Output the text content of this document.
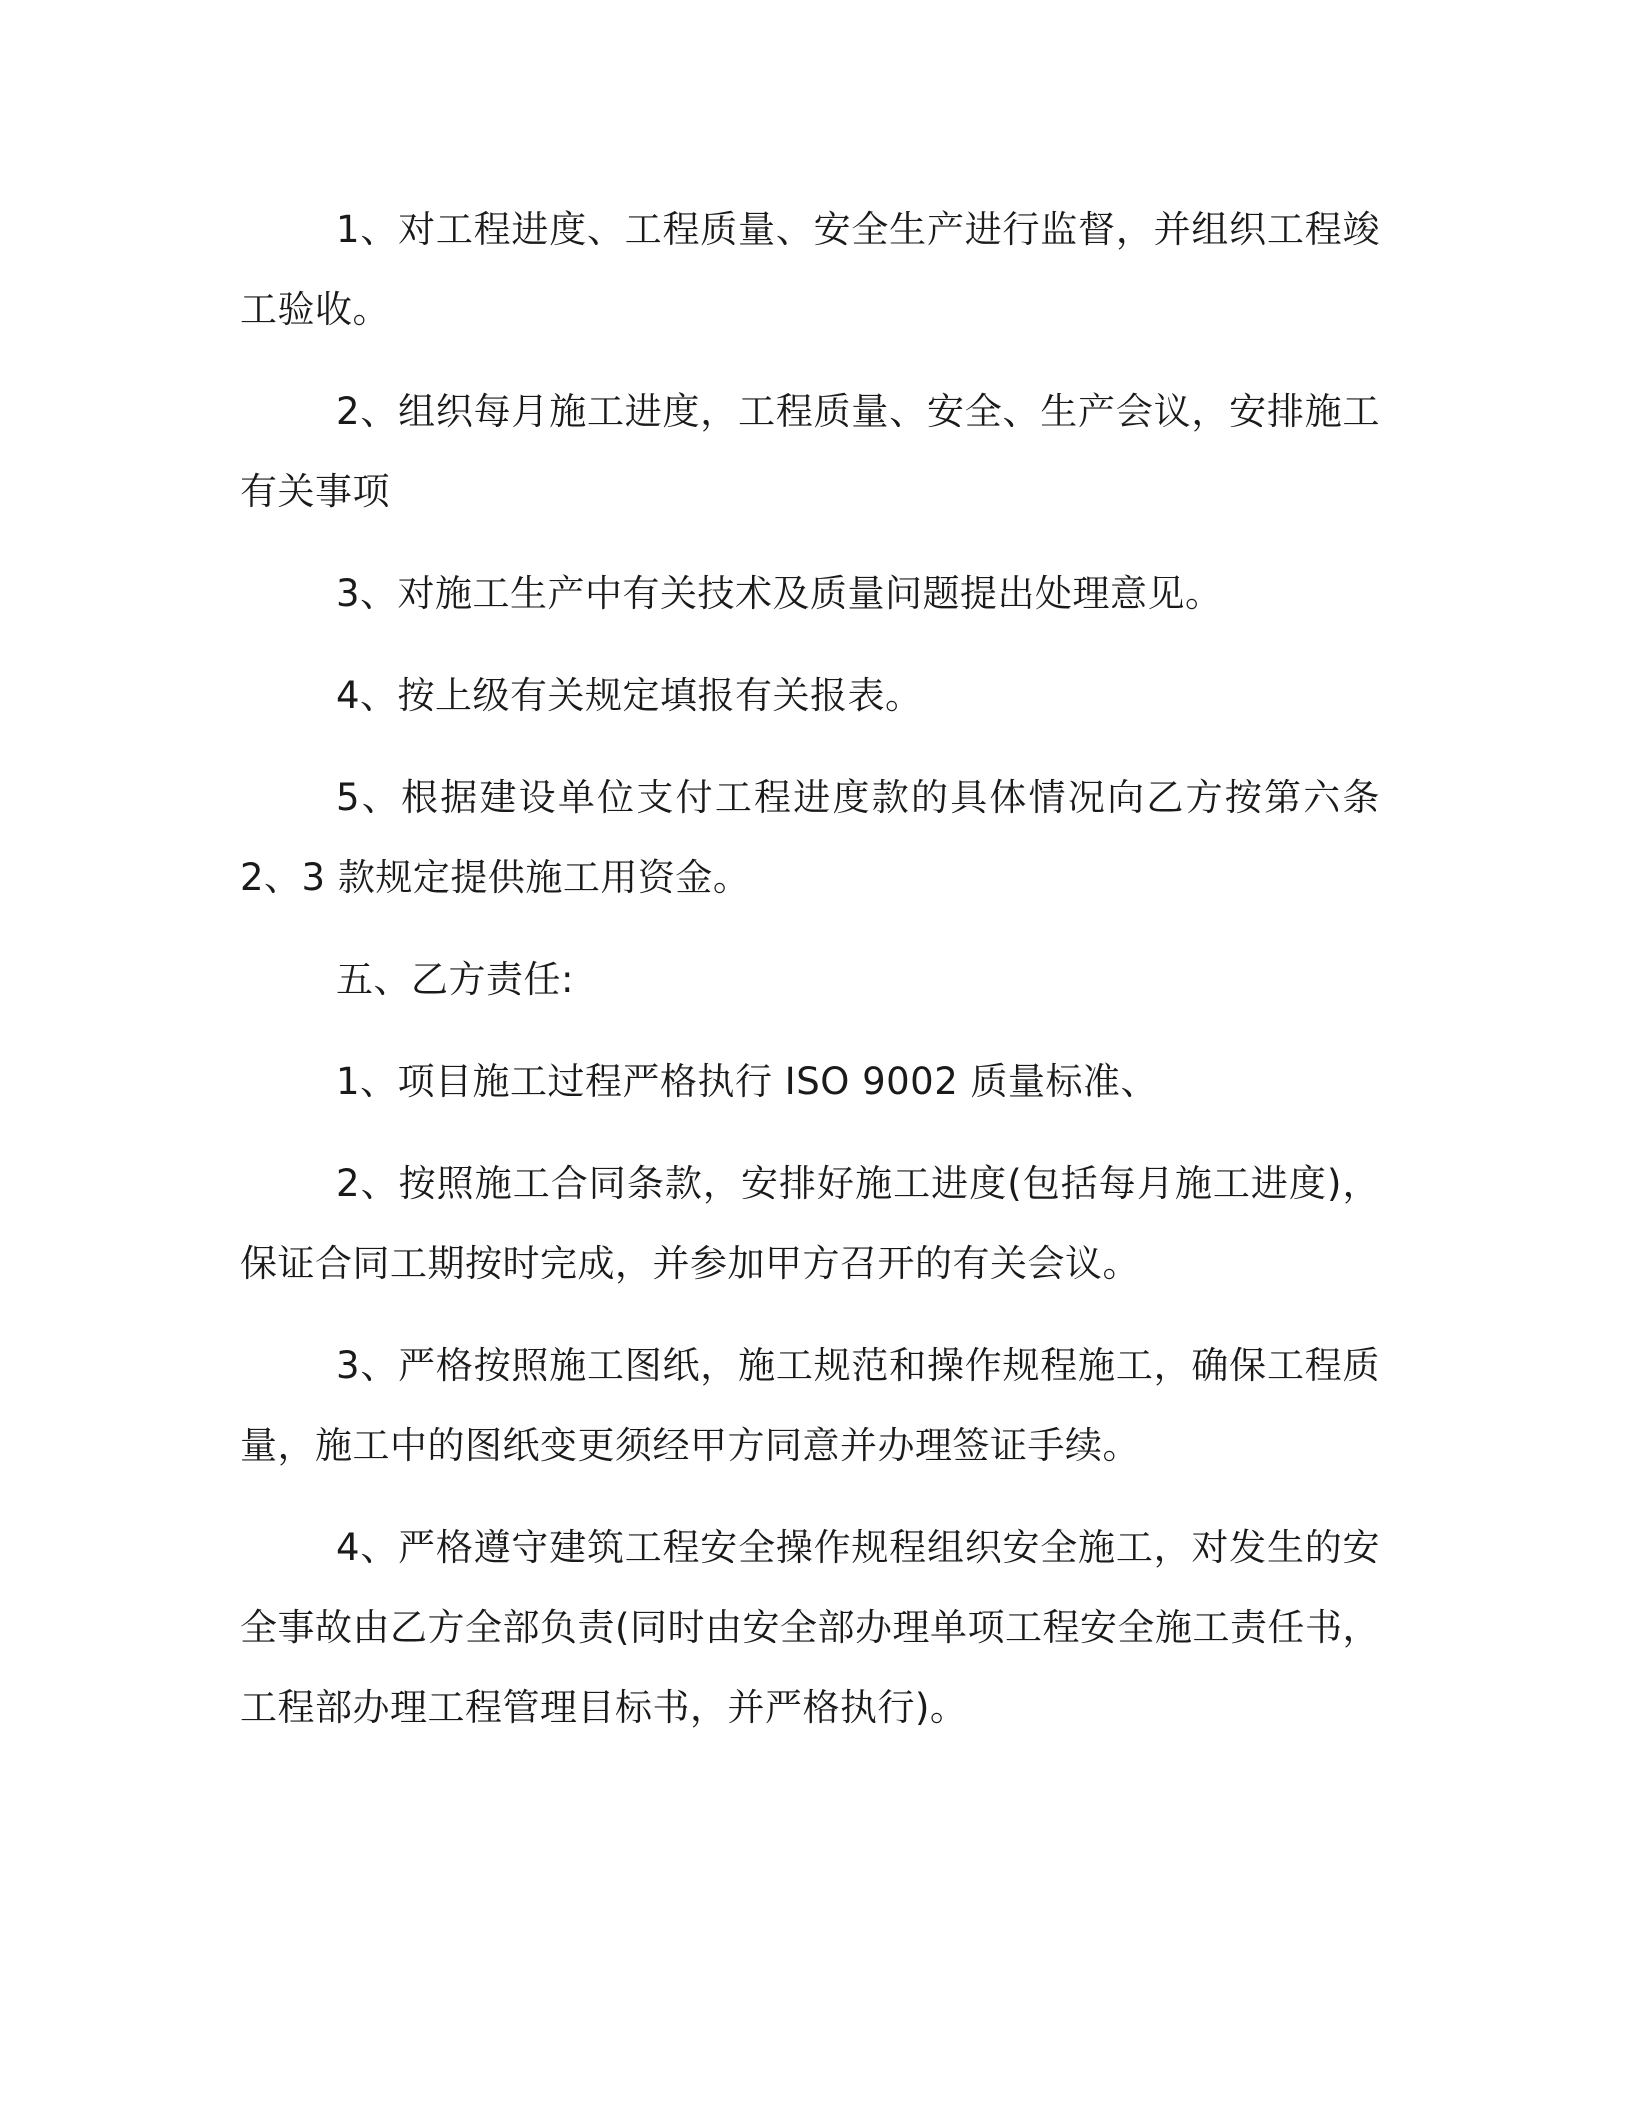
1、对工程进度、工程质量、安全生产进行监督，并组织工程竣工验收。

2、组织每月施工进度，工程质量、安全、生产会议，安排施工有关事项

3、对施工生产中有关技术及质量问题提出处理意见。

4、按上级有关规定填报有关报表。

5、根据建设单位支付工程进度款的具体情况向乙方按第六条 2、3 款规定提供施工用资金。

五、乙方责任:

1、项目施工过程严格执行 ISO 9002 质量标准、

2、按照施工合同条款，安排好施工进度(包括每月施工进度)，保证合同工期按时完成，并参加甲方召开的有关会议。

3、严格按照施工图纸，施工规范和操作规程施工，确保工程质量，施工中的图纸变更须经甲方同意并办理签证手续。

4、严格遵守建筑工程安全操作规程组织安全施工，对发生的安全事故由乙方全部负责(同时由安全部办理单项工程安全施工责任书，工程部办理工程管理目标书，并严格执行)。
